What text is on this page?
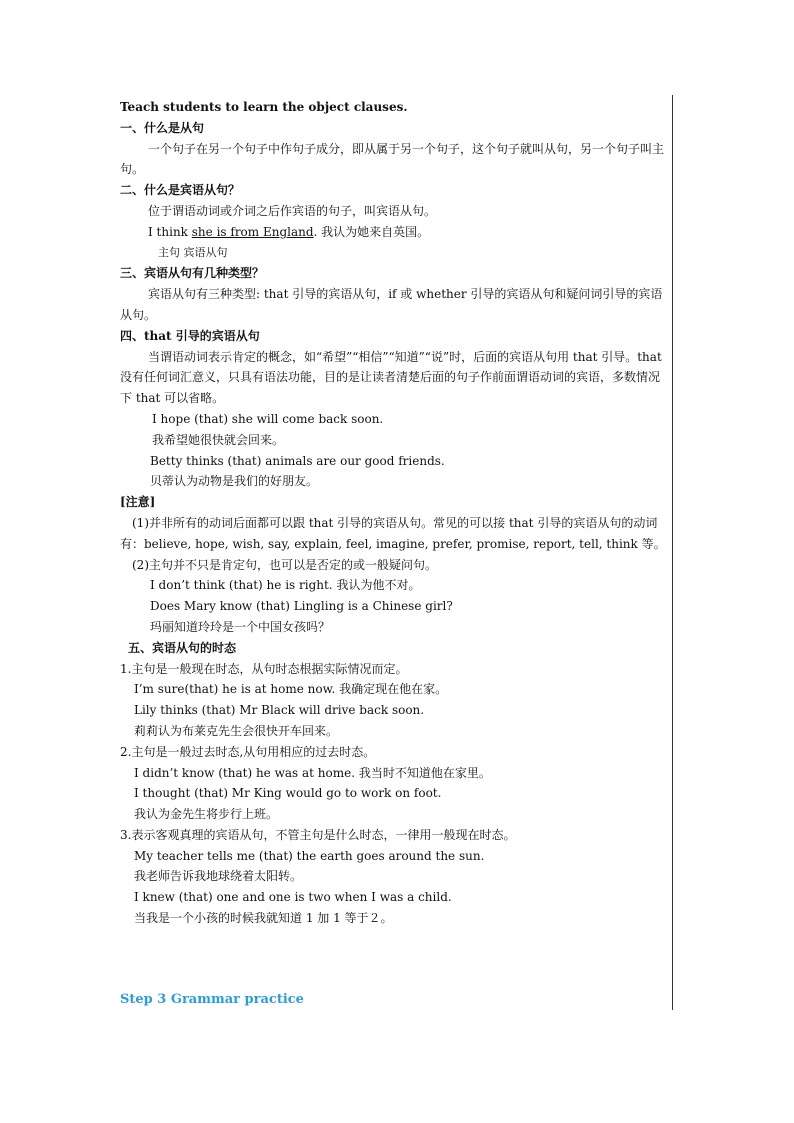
Teach students to learn the object clauses.
一、什么是从句
一个句子在另一个句子中作句子成分，即从属于另一个句子，这个句子就叫从句，另一个句子叫主句。
二、什么是宾语从句？
位于谓语动词或介词之后作宾语的句子，叫宾语从句。
I think she is from England. 我认为她来自英国。
主句 宾语从句
三、宾语从句有几种类型？
宾语从句有三种类型: that 引导的宾语从句，if 或 whether 引导的宾语从句和疑问词引导的宾语从句。
四、that 引导的宾语从句
当谓语动词表示肯定的概念，如“希望”“相信”“知道”“说”时，后面的宾语从句用 that 引导。that 没有任何词汇意义，只具有语法功能，目的是让读者清楚后面的句子作前面谓语动词的宾语，多数情况下 that 可以省略。
I hope (that) she will come back soon.
我希望她很快就会回来。
Betty thinks (that) animals are our good friends.
贝蒂认为动物是我们的好朋友。
[注意]
(1)并非所有的动词后面都可以跟 that 引导的宾语从句。常见的可以接 that 引导的宾语从句的动词有：believe, hope, wish, say, explain, feel, imagine, prefer, promise, report, tell, think 等。
(2)主句并不只是肯定句，也可以是否定的或一般疑问句。
I don’t think (that) he is right. 我认为他不对。
Does Mary know (that) Lingling is a Chinese girl?
玛丽知道玲玲是一个中国女孩吗？
五、宾语从句的时态
1.主句是一般现在时态，从句时态根据实际情况而定。
I’m sure(that) he is at home now. 我确定现在他在家。
Lily thinks (that) Mr Black will drive back soon.
莉莉认为布莱克先生会很快开车回来。
2.主句是一般过去时态,从句用相应的过去时态。
I didn’t know (that) he was at home. 我当时不知道他在家里。
I thought (that) Mr King would go to work on foot.
我认为金先生将步行上班。
3.表示客观真理的宾语从句，不管主句是什么时态，一律用一般现在时态。
My teacher tells me (that) the earth goes around the sun.
我老师告诉我地球绕着太阳转。
I knew (that) one and one is two when I was a child.
当我是一个小孩的时候我就知道 1 加 1 等于２。
Step 3 Grammar practice
